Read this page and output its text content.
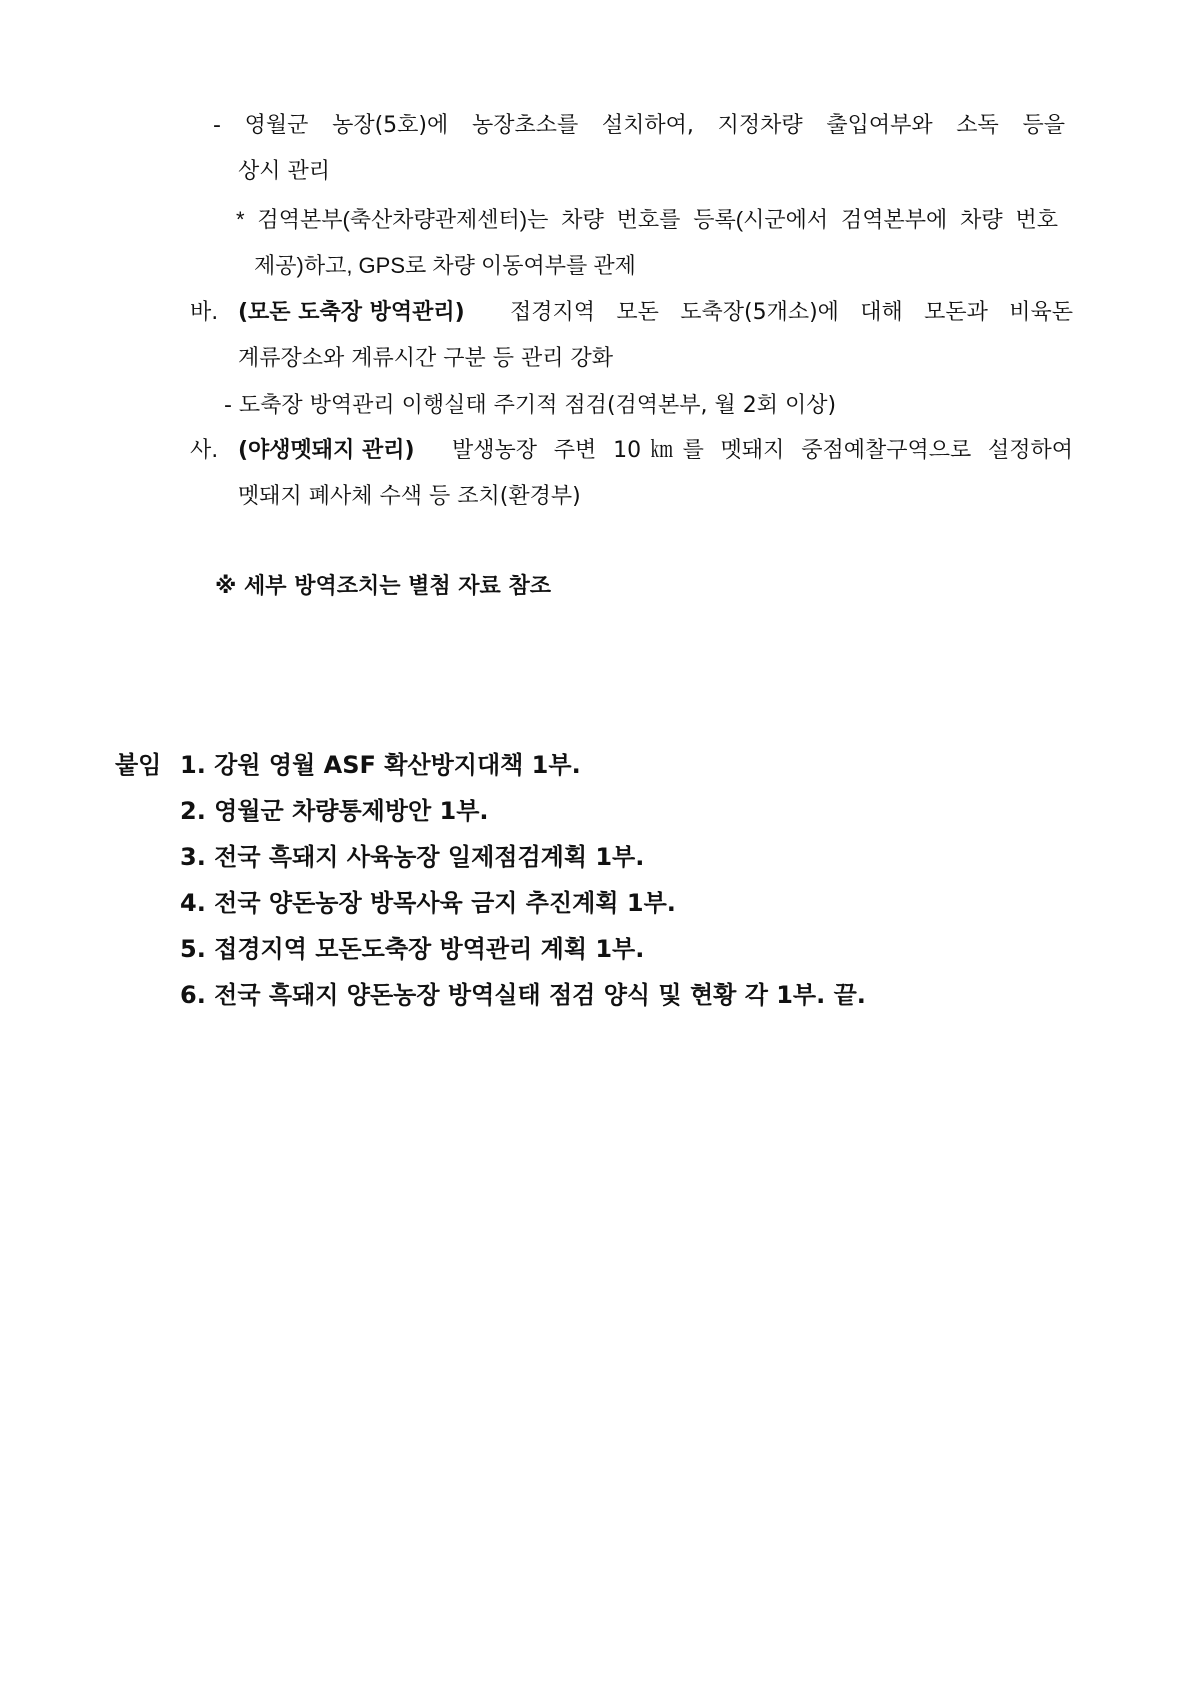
- 영월군 농장(5호)에 농장초소를 설치하여, 지정차량 출입여부와 소독 등을
상시 관리
* 검역본부(축산차량관제센터)는 차량 번호를 등록(시군에서 검역본부에 차량 번호
제공)하고, GPS로 차량 이동여부를 관제
바. (모돈 도축장 방역관리) 접경지역 모돈 도축장(5개소)에 대해 모돈과 비육돈
계류장소와 계류시간 구분 등 관리 강화
- 도축장 방역관리 이행실태 주기적 점검(검역본부, 월 2회 이상)
사. (야생멧돼지 관리) 발생농장 주변 10㎞를 멧돼지 중점예찰구역으로 설정하여
멧돼지 폐사체 수색 등 조치(환경부)
※ 세부 방역조치는 별첨 자료 참조
붙임 1. 강원 영월 ASF 확산방지대책 1부.
2. 영월군 차량통제방안 1부.
3. 전국 흑돼지 사육농장 일제점검계획 1부.
4. 전국 양돈농장 방목사육 금지 추진계획 1부.
5. 접경지역 모돈도축장 방역관리 계획 1부.
6. 전국 흑돼지 양돈농장 방역실태 점검 양식 및 현황 각 1부. 끝.
